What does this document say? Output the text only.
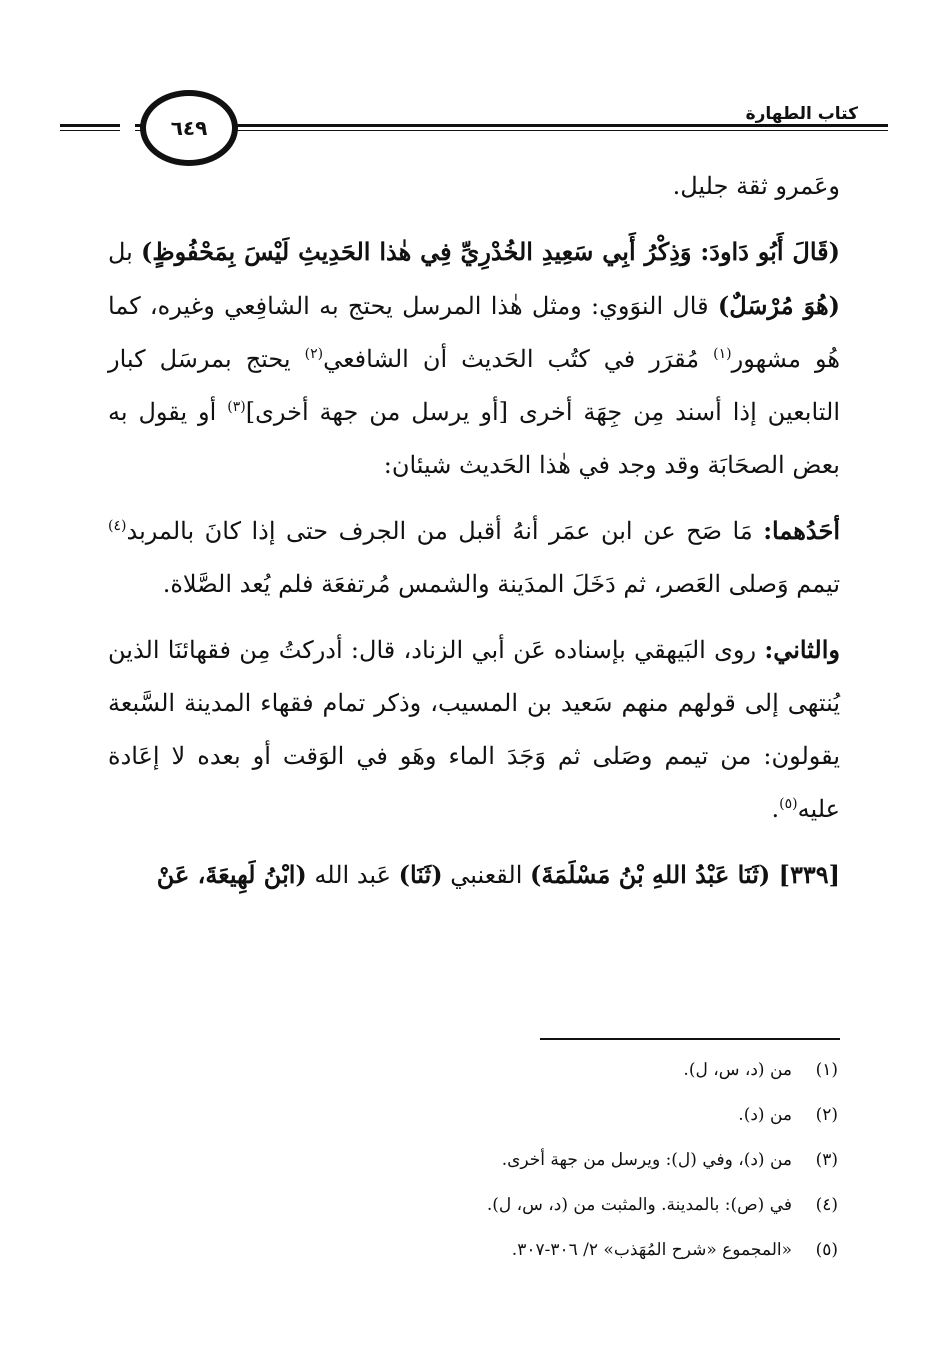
كتاب الطهارة
٦٤٩

وعَمرو ثقة جليل.

(قَالَ أَبُو دَاودَ: وَذِكْرُ أَبِي سَعِيدِ الخُدْرِيِّ فِي هٰذا الحَدِيثِ لَيْسَ بِمَحْفُوظٍ) بل (هُوَ مُرْسَلٌ) قال النوَوي: ومثل هٰذا المرسل يحتج به الشافِعي وغيره، كما هُو مشهور$^{(١)}$ مُقرَر في كتُب الحَديث أن الشافعي$^{(٢)}$ يحتج بمرسَل كبار التابعين إذا أسند مِن جِهَة أخرى [أو يرسل من جهة أخرى]$^{(٣)}$ أو يقول به بعض الصحَابَة وقد وجد في هٰذا الحَديث شيئان:

أحَدُهما: مَا صَح عن ابن عمَر أنهُ أقبل من الجرف حتى إذا كانَ بالمربد$^{(٤)}$ تيمم وَصلى العَصر، ثم دَخَلَ المدَينة والشمس مُرتفعَة فلم يُعد الصَّلاة.

والثاني: روى البَيهقي بإسناده عَن أبي الزناد، قال: أدركتُ مِن فقهائنَا الذين يُنتهى إلى قولهم منهم سَعيد بن المسيب، وذكر تمام فقهاء المدينة السَّبعة يقولون: من تيمم وصَلى ثم وَجَدَ الماء وهَو في الوَقت أو بعده لا إعَادة عليه$^{(٥)}$.

[٣٣٩] (ثَنَا عَبْدُ اللهِ بْنُ مَسْلَمَةَ) القعنبي (ثَنَا) عَبد الله (ابْنُ لَهِيعَةَ، عَنْ

(١)
من (د، س، ل).
(٢)
من (د).
(٣)
من (د)، وفي (ل): ويرسل من جهة أخرى.
(٤)
في (ص): بالمدينة. والمثبت من (د، س، ل).
(٥)
«المجموع «شرح المُهَذب» ٢/ ٣٠٦-٣٠٧.
